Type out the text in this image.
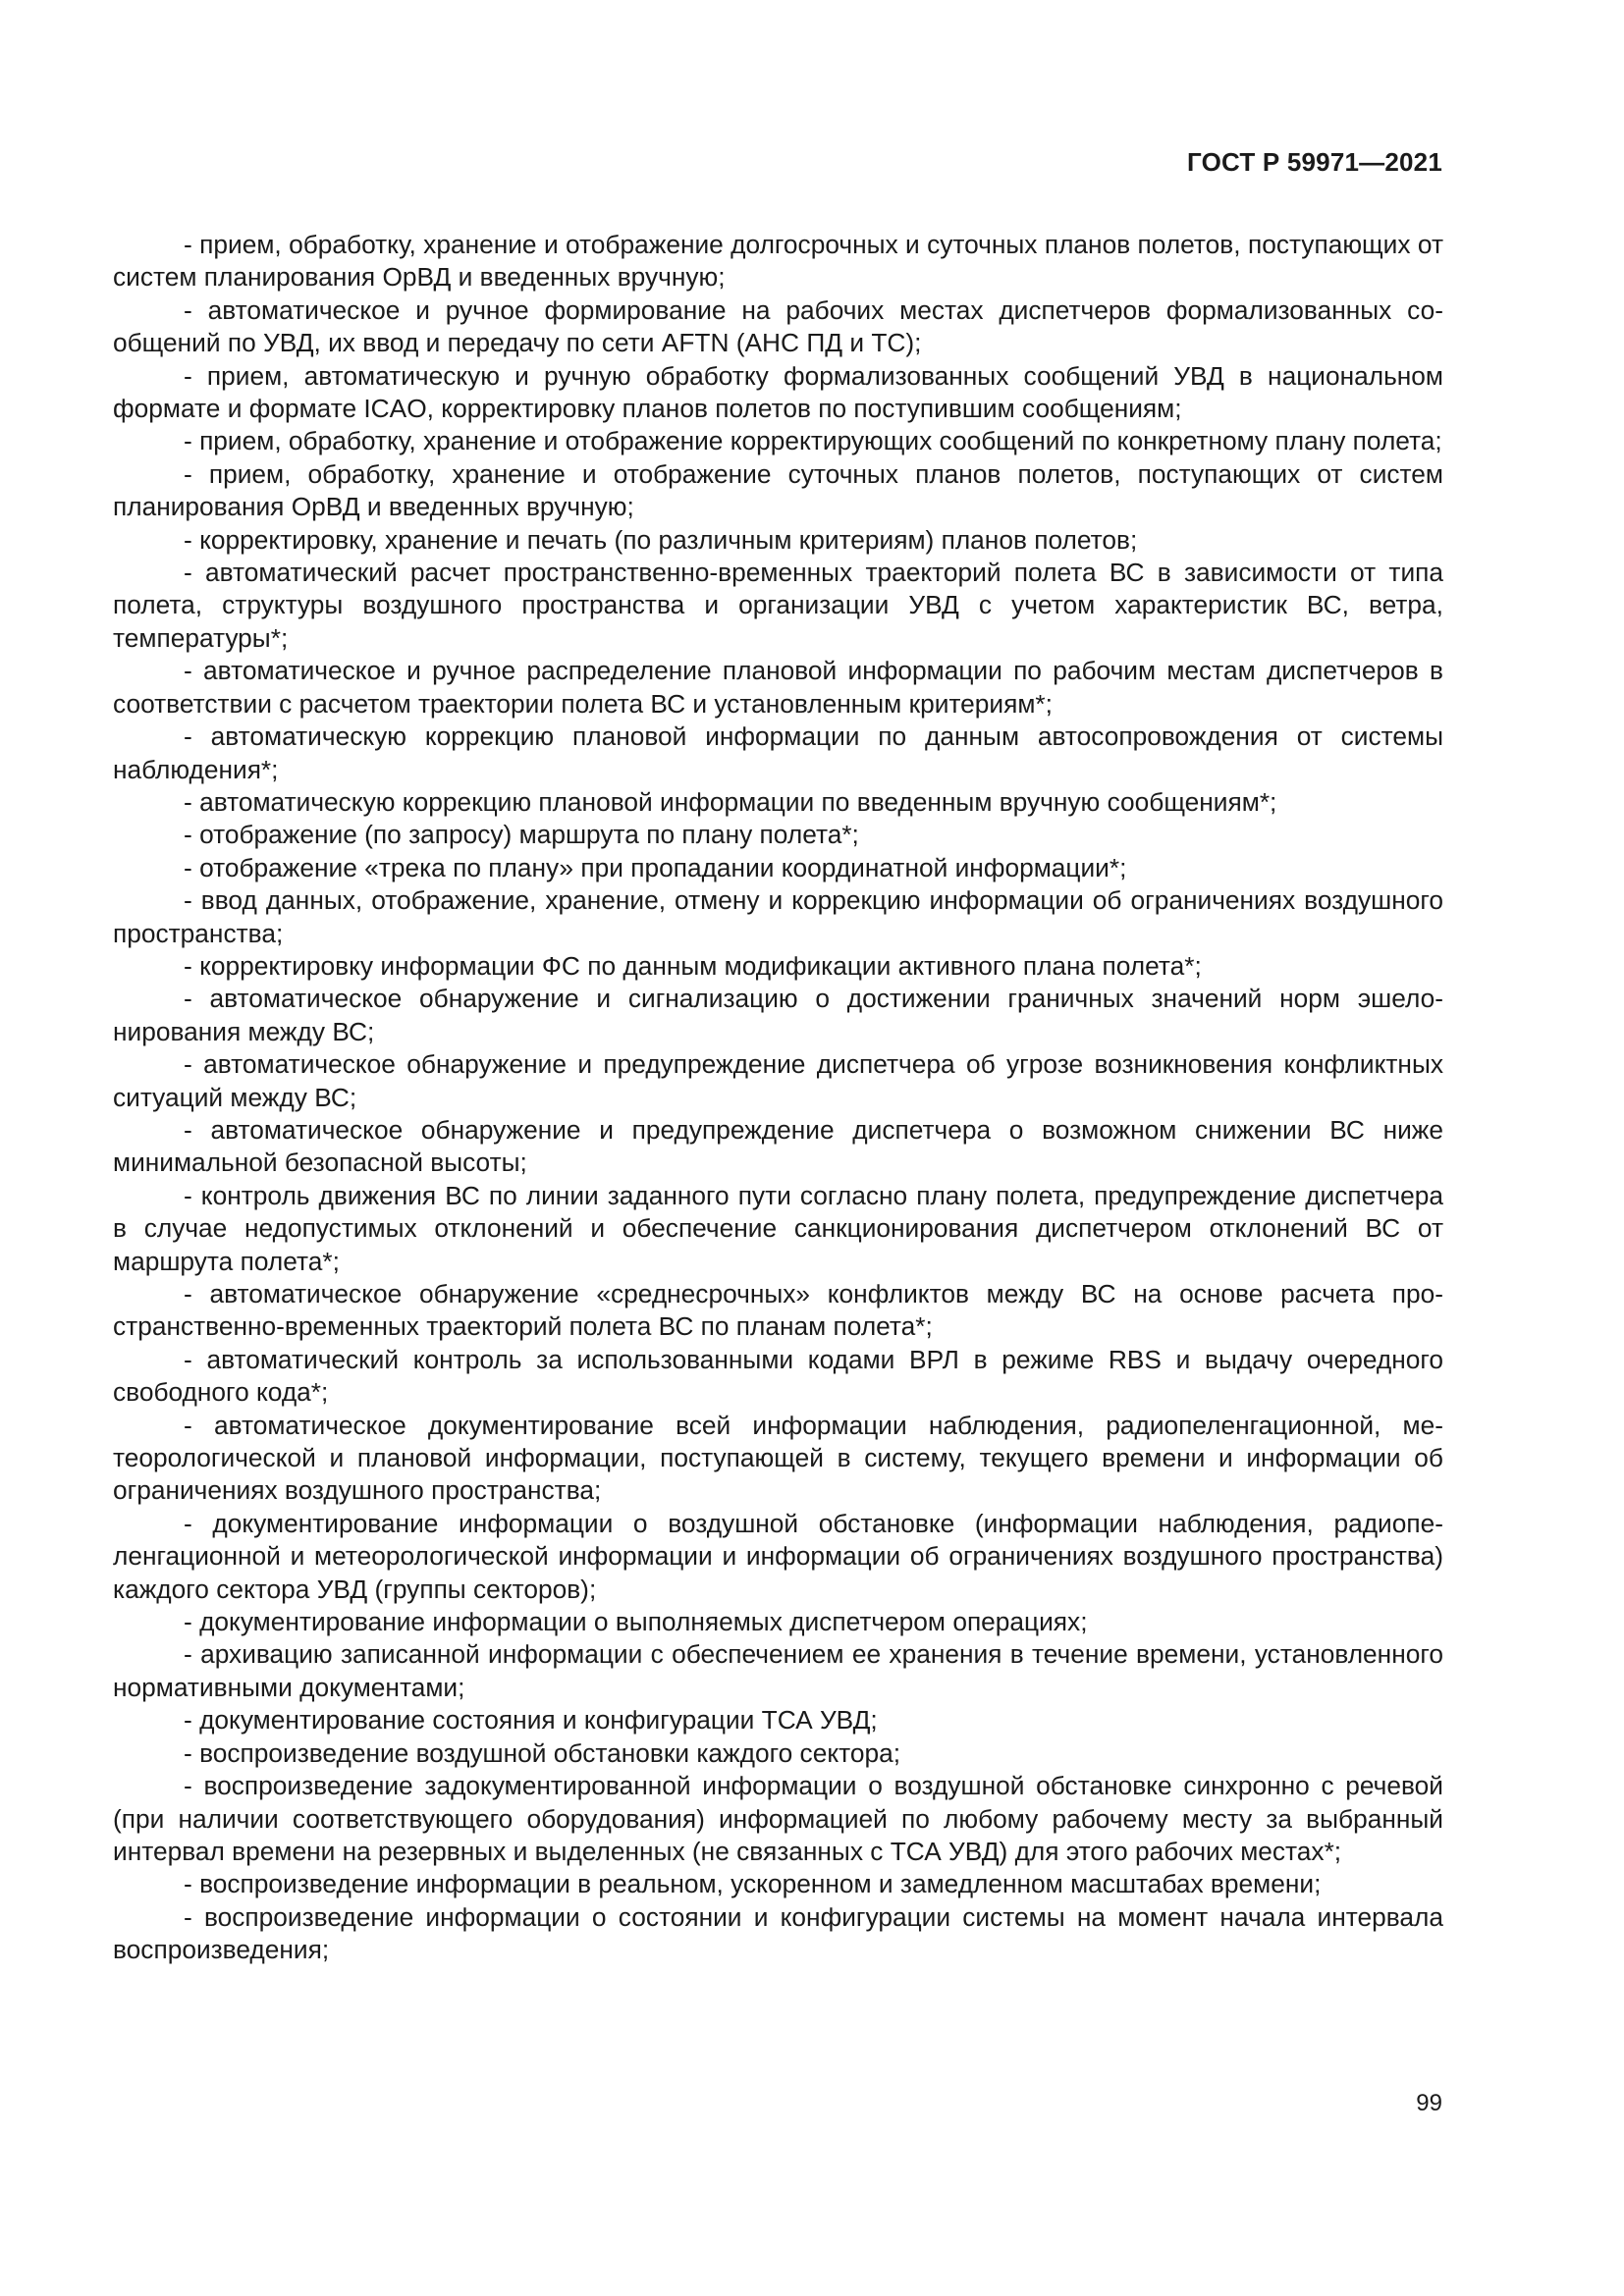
ГОСТ Р 59971—2021

- прием, обработку, хранение и отображение долгосрочных и суточных планов полетов, поступающих от систем планирования ОрВД и введенных вручную;

- автоматическое и ручное формирование на рабочих местах диспетчеров формализованных сообщений по УВД, их ввод и передачу по сети AFTN (АНС ПД и ТС);

- прием, автоматическую и ручную обработку формализованных сообщений УВД в национальном формате и формате ICAO, корректировку планов полетов по поступившим сообщениям;

- прием, обработку, хранение и отображение корректирующих сообщений по конкретному плану полета;

- прием, обработку, хранение и отображение суточных планов полетов, поступающих от систем планирования ОрВД и введенных вручную;

- корректировку, хранение и печать (по различным критериям) планов полетов;

- автоматический расчет пространственно-временных траекторий полета ВС в зависимости от типа полета, структуры воздушного пространства и организации УВД с учетом характеристик ВС, ветра, температуры*;

- автоматическое и ручное распределение плановой информации по рабочим местам диспетчеров в соответствии с расчетом траектории полета ВС и установленным критериям*;

- автоматическую коррекцию плановой информации по данным автосопровождения от системы наблюдения*;

- автоматическую коррекцию плановой информации по введенным вручную сообщениям*;

- отображение (по запросу) маршрута по плану полета*;

- отображение «трека по плану» при пропадании координатной информации*;

- ввод данных, отображение, хранение, отмену и коррекцию информации об ограничениях воздушного пространства;

- корректировку информации ФС по данным модификации активного плана полета*;

- автоматическое обнаружение и сигнализацию о достижении граничных значений норм эшелонирования между ВС;

- автоматическое обнаружение и предупреждение диспетчера об угрозе возникновения конфликтных ситуаций между ВС;

- автоматическое обнаружение и предупреждение диспетчера о возможном снижении ВС ниже минимальной безопасной высоты;

- контроль движения ВС по линии заданного пути согласно плану полета, предупреждение диспетчера в случае недопустимых отклонений и обеспечение санкционирования диспетчером отклонений ВС от маршрута полета*;

- автоматическое обнаружение «среднесрочных» конфликтов между ВС на основе расчета пространственно-временных траекторий полета ВС по планам полета*;

- автоматический контроль за использованными кодами ВРЛ в режиме RBS и выдачу очередного свободного кода*;

- автоматическое документирование всей информации наблюдения, радиопеленгационной, метеорологической и плановой информации, поступающей в систему, текущего времени и информации об ограничениях воздушного пространства;

- документирование информации о воздушной обстановке (информации наблюдения, радиопеленгационной и метеорологической информации и информации об ограничениях воздушного пространства) каждого сектора УВД (группы секторов);

- документирование информации о выполняемых диспетчером операциях;

- архивацию записанной информации с обеспечением ее хранения в течение времени, установленного нормативными документами;

- документирование состояния и конфигурации ТСА УВД;

- воспроизведение воздушной обстановки каждого сектора;

- воспроизведение задокументированной информации о воздушной обстановке синхронно с речевой (при наличии соответствующего оборудования) информацией по любому рабочему месту за выбранный интервал времени на резервных и выделенных (не связанных с ТСА УВД) для этого рабочих местах*;

- воспроизведение информации в реальном, ускоренном и замедленном масштабах времени;

- воспроизведение информации о состоянии и конфигурации системы на момент начала интервала воспроизведения;

99
